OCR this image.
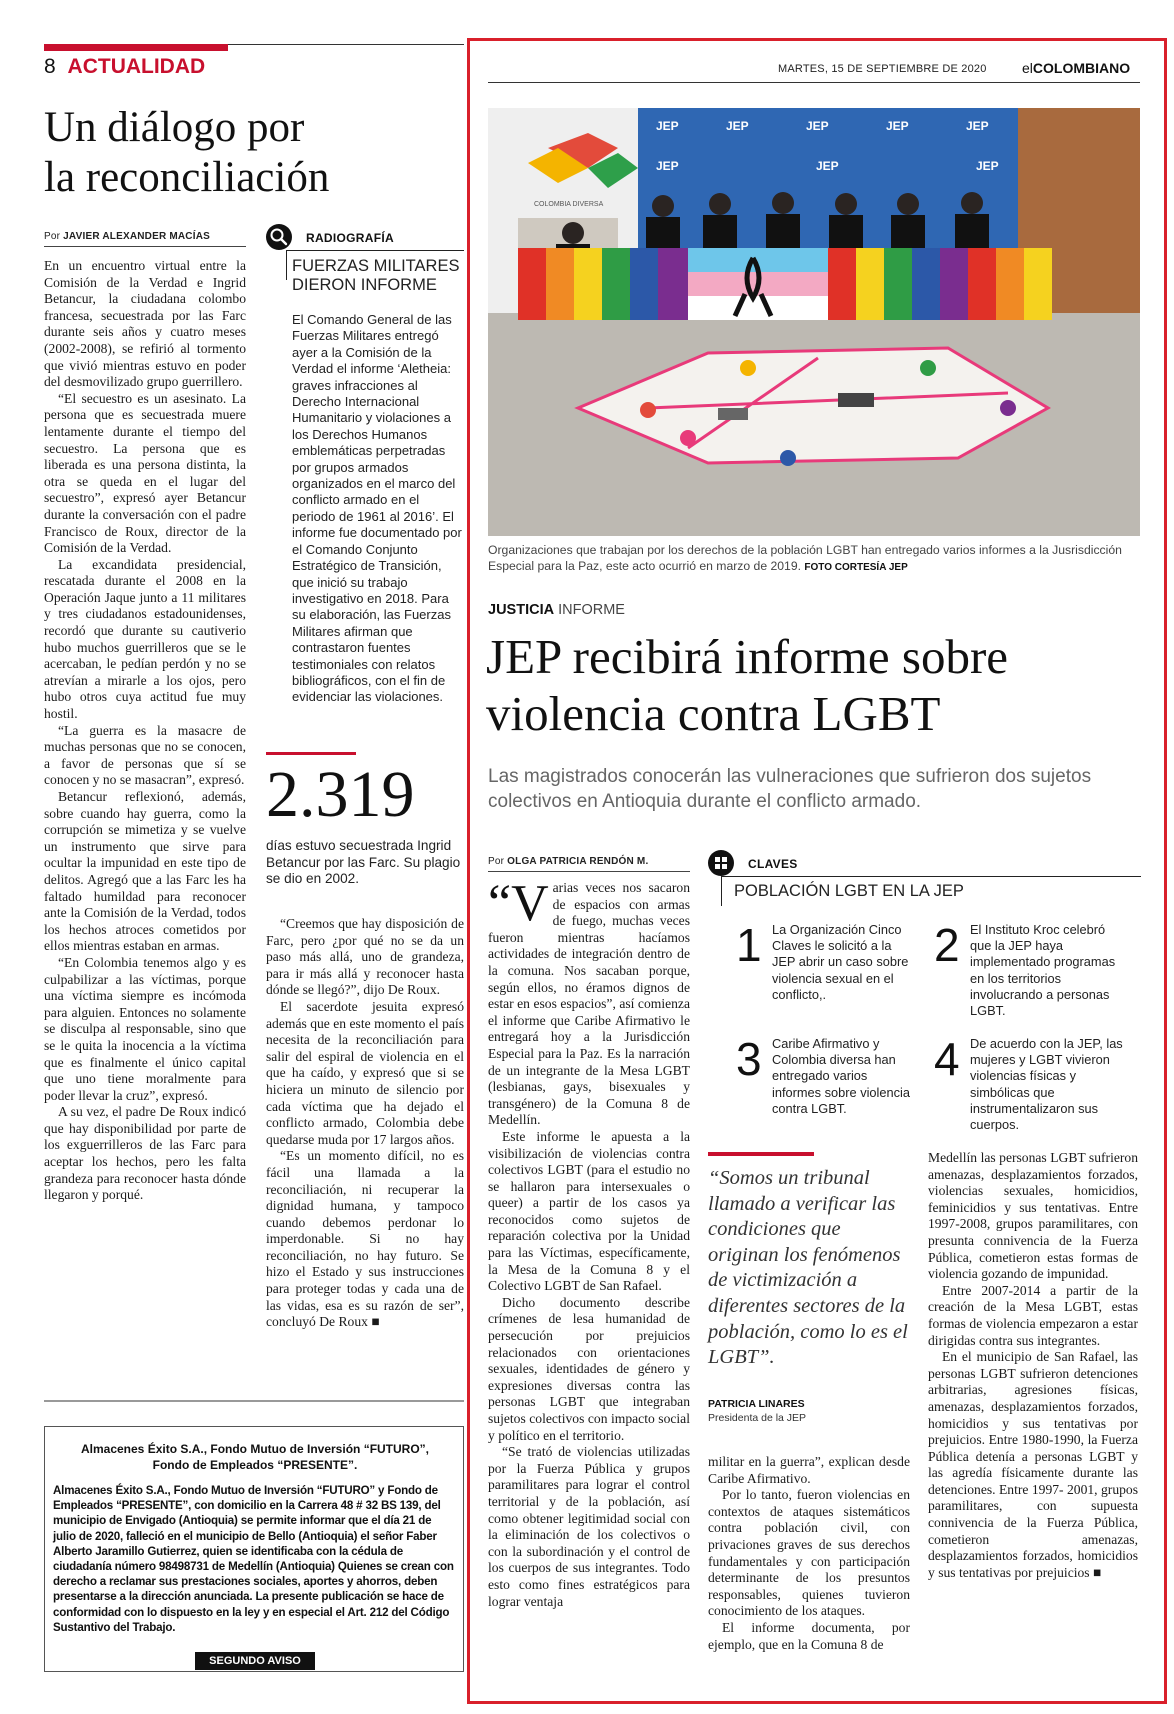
8 ACTUALIDAD
Un diálogo por
la reconciliación
Por JAVIER ALEXANDER MACÍAS

En un encuentro virtual entre la Comisión de la Verdad e Ingrid Betancur, la ciudadana colombo francesa, secuestrada por las Farc durante seis años y cuatro meses (2002-2008), se refirió al tormento que vivió mientras estuvo en poder del desmovilizado grupo guerrillero.

“El secuestro es un asesinato. La persona que es secuestrada muere lentamente durante el tiempo del secuestro. La persona que es liberada es una persona distinta, la otra se queda en el lugar del secuestro”, expresó ayer Betancur durante la conversación con el padre Francisco de Roux, director de la Comisión de la Verdad.

La excandidata presidencial, rescatada durante el 2008 en la Operación Jaque junto a 11 militares y tres ciudadanos estadounidenses, recordó que durante su cautiverio hubo muchos guerrilleros que se le acercaban, le pedían perdón y no se atrevían a mirarle a los ojos, pero hubo otros cuya actitud fue muy hostil.

“La guerra es la masacre de muchas personas que no se conocen, a favor de personas que sí se conocen y no se masacran”, expresó.

Betancur reflexionó, además, sobre cuando hay guerra, como la corrupción se mimetiza y se vuelve un instrumento que sirve para ocultar la impunidad en este tipo de delitos. Agregó que a las Farc les ha faltado humildad para reconocer ante la Comisión de la Verdad, todos los hechos atroces cometidos por ellos mientras estaban en armas.

“En Colombia tenemos algo y es culpabilizar a las víctimas, porque una víctima siempre es incómoda para alguien. Entonces no solamente se disculpa al responsable, sino que se le quita la inocencia a la víctima que es finalmente el único capital que uno tiene moralmente para poder llevar la cruz”, expresó.

A su vez, el padre De Roux indicó que hay disponibilidad por parte de los exguerrilleros de las Farc para aceptar los hechos, pero les falta grandeza para reconocer hasta dónde llegaron y porqué.

RADIOGRAFÍA
FUERZAS MILITARES DIERON INFORME
El Comando General de las Fuerzas Militares entregó ayer a la Comisión de la Verdad el informe ‘Aletheia: graves infracciones al Derecho Internacional Humanitario y violaciones a los Derechos Humanos emblemáticas perpetradas por grupos armados organizados en el marco del conflicto armado en el periodo de 1961 al 2016’. El informe fue documentado por el Comando Conjunto Estratégico de Transición, que inició su trabajo investigativo en 2018. Para su elaboración, las Fuerzas Militares afirman que contrastaron fuentes testimoniales con relatos bibliográficos, con el fin de evidenciar las violaciones.
2.319
días estuvo secuestrada Ingrid Betancur por las Farc. Su plagio se dio en 2002.

“Creemos que hay disposición de Farc, pero ¿por qué no se da un paso más allá, uno de grandeza, para ir más allá y reconocer hasta dónde se llegó?”, dijo De Roux.

El sacerdote jesuita expresó además que en este momento el país necesita de la reconciliación para salir del espiral de violencia en el que ha caído, y expresó que si se hiciera un minuto de silencio por cada víctima que ha dejado el conflicto armado, Colombia debe quedarse muda por 17 largos años.

“Es un momento difícil, no es fácil una llamada a la reconciliación, ni recuperar la dignidad humana, y tampoco cuando debemos perdonar lo imperdonable. Si no hay reconciliación, no hay futuro. Se hizo el Estado y sus instrucciones para proteger todas y cada una de las vidas, esa es su razón de ser”, concluyó De Roux ■

Almacenes Éxito S.A., Fondo Mutuo de Inversión “FUTURO”, Fondo de Empleados “PRESENTE”.
Almacenes Éxito S.A., Fondo Mutuo de Inversión “FUTURO” y Fondo de Empleados “PRESENTE”, con domicilio en la Carrera 48 # 32 BS 139, del municipio de Envigado (Antioquia) se permite informar que el día 21 de julio de 2020, falleció en el municipio de Bello (Antioquia) el señor Faber Alberto Jaramillo Gutierrez, quien se identificaba con la cédula de ciudadanía número 98498731 de Medellín (Antioquia) Quienes se crean con derecho a reclamar sus prestaciones sociales, aportes y ahorros, deben presentarse a la dirección anunciada. La presente publicación se hace de conformidad con lo dispuesto en la ley y en especial el Art. 212 del Código Sustantivo del Trabajo.
SEGUNDO AVISO
MARTES, 15 DE SEPTIEMBRE DE 2020	elCOLOMBIANO
JEP	JEP	JEP	JEP	JEP
JEP	JEP	JEP
COLOMBIA DIVERSA
Organizaciones que trabajan por los derechos de la población LGBT han entregado varios informes a la Jusrisdicción Especial para la Paz, este acto ocurrió en marzo de 2019. FOTO CORTESÍA JEP
JUSTICIA INFORME
JEP recibirá informe sobre
violencia contra LGBT
Las magistrados conocerán las vulneraciones que sufrieron dos sujetos colectivos en Antioquia durante el conflicto armado.
Por OLGA PATRICIA RENDÓN M.

“Varias veces nos sacaron de espacios con armas de fuego, muchas veces fueron mientras hacíamos actividades de integración dentro de la comuna. Nos sacaban porque, según ellos, no éramos dignos de estar en esos espacios”, así comienza el informe que Caribe Afirmativo le entregará hoy a la Jurisdicción Especial para la Paz. Es la narración de un integrante de la Mesa LGBT (lesbianas, gays, bisexuales y transgénero) de la Comuna 8 de Medellín.

Este informe le apuesta a la visibilización de violencias contra colectivos LGBT (para el estudio no se hallaron para intersexuales o queer) a partir de los casos ya reconocidos como sujetos de reparación colectiva por la Unidad para las Víctimas, específicamente, la Mesa de la Comuna 8 y el Colectivo LGBT de San Rafael.

Dicho documento describe crímenes de lesa humanidad de persecución por prejuicios relacionados con orientaciones sexuales, identidades de género y expresiones diversas contra las personas LGBT que integraban sujetos colectivos con impacto social y político en el territorio.

“Se trató de violencias utilizadas por la Fuerza Pública y grupos paramilitares para lograr el control territorial y de la población, así como obtener legitimidad social con la eliminación de los colectivos o con la subordinación y el control de los cuerpos de sus integrantes. Todo esto como fines estratégicos para lograr ventaja

CLAVES
POBLACIÓN LGBT EN LA JEP
1 La Organización Cinco Claves le solicitó a la JEP abrir un caso sobre violencia sexual en el conflicto,.
2 El Instituto Kroc celebró que la JEP haya implementado programas en los territorios involucrando a personas LGBT.
3 Caribe Afirmativo y Colombia diversa han entregado varios informes sobre violencia contra LGBT.
4 De acuerdo con la JEP, las mujeres y LGBT vivieron violencias físicas y simbólicas que instrumentalizaron sus cuerpos.
“Somos un tribunal llamado a verificar las condiciones que originan los fenómenos de victimización a diferentes sectores de la población, como lo es el LGBT”.
PATRICIA LINARES
Presidenta de la JEP

militar en la guerra”, explican desde Caribe Afirmativo.

Por lo tanto, fueron violencias en contextos de ataques sistemáticos contra población civil, con privaciones graves de sus derechos fundamentales y con participación determinante de los presuntos responsables, quienes tuvieron conocimiento de los ataques.

El informe documenta, por ejemplo, que en la Comuna 8 de

Medellín las personas LGBT sufrieron amenazas, desplazamientos forzados, violencias sexuales, homicidios, feminicidios y sus tentativas. Entre 1997-2008, grupos paramilitares, con presunta connivencia de la Fuerza Pública, cometieron estas formas de violencia gozando de impunidad.

Entre 2007-2014 a partir de la creación de la Mesa LGBT, estas formas de violencia empezaron a estar dirigidas contra sus integrantes.

En el municipio de San Rafael, las personas LGBT sufrieron detenciones arbitrarias, agresiones físicas, amenazas, desplazamientos forzados, homicidios y sus tentativas por prejuicios. Entre 1980-1990, la Fuerza Pública detenía a personas LGBT y las agredía físicamente durante las detenciones. Entre 1997- 2001, grupos paramilitares, con supuesta connivencia de la Fuerza Pública, cometieron amenazas, desplazamientos forzados, homicidios y sus tentativas por prejuicios ■
